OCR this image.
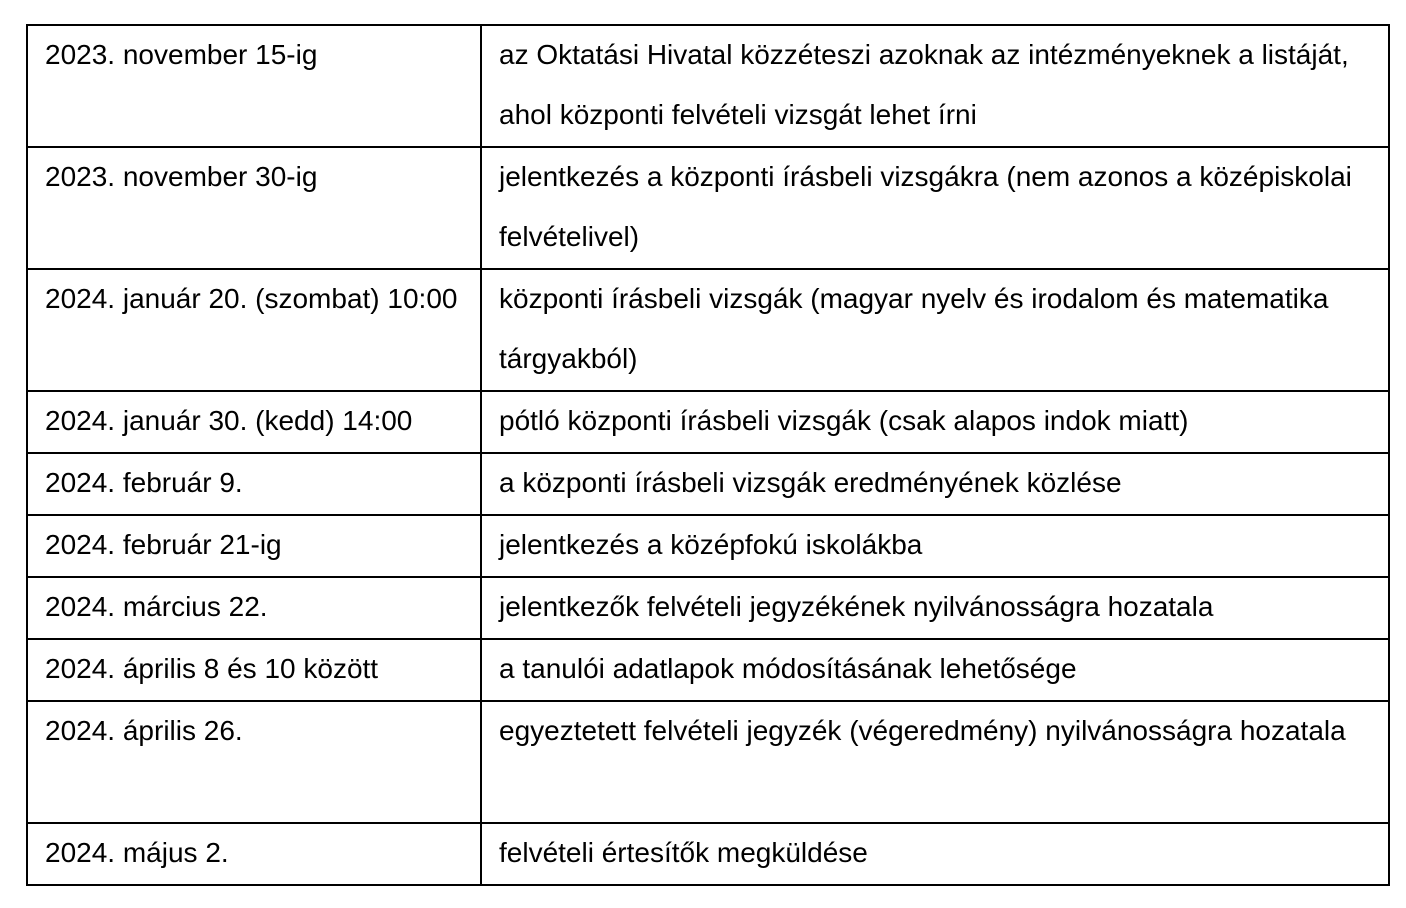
2023. november 15-ig	az Oktatási Hivatal közzéteszi azoknak az intézményeknek a listáját, ahol központi felvételi vizsgát lehet írni

2023. november 30-ig	jelentkezés a központi írásbeli vizsgákra (nem azonos a középiskolai felvételivel)

2024. január 20. (szombat) 10:00	központi írásbeli vizsgák (magyar nyelv és irodalom és matematika tárgyakból)

2024. január 30. (kedd) 14:00	pótló központi írásbeli vizsgák (csak alapos indok miatt)

2024. február 9.	a központi írásbeli vizsgák eredményének közlése

2024. február 21-ig	jelentkezés a középfokú iskolákba

2024. március 22.	jelentkezők felvételi jegyzékének nyilvánosságra hozatala

2024. április 8 és 10 között	a tanulói adatlapok módosításának lehetősége

2024. április 26.	egyeztetett felvételi jegyzék (végeredmény) nyilvánosságra hozatala

2024. május 2.	felvételi értesítők megküldése
